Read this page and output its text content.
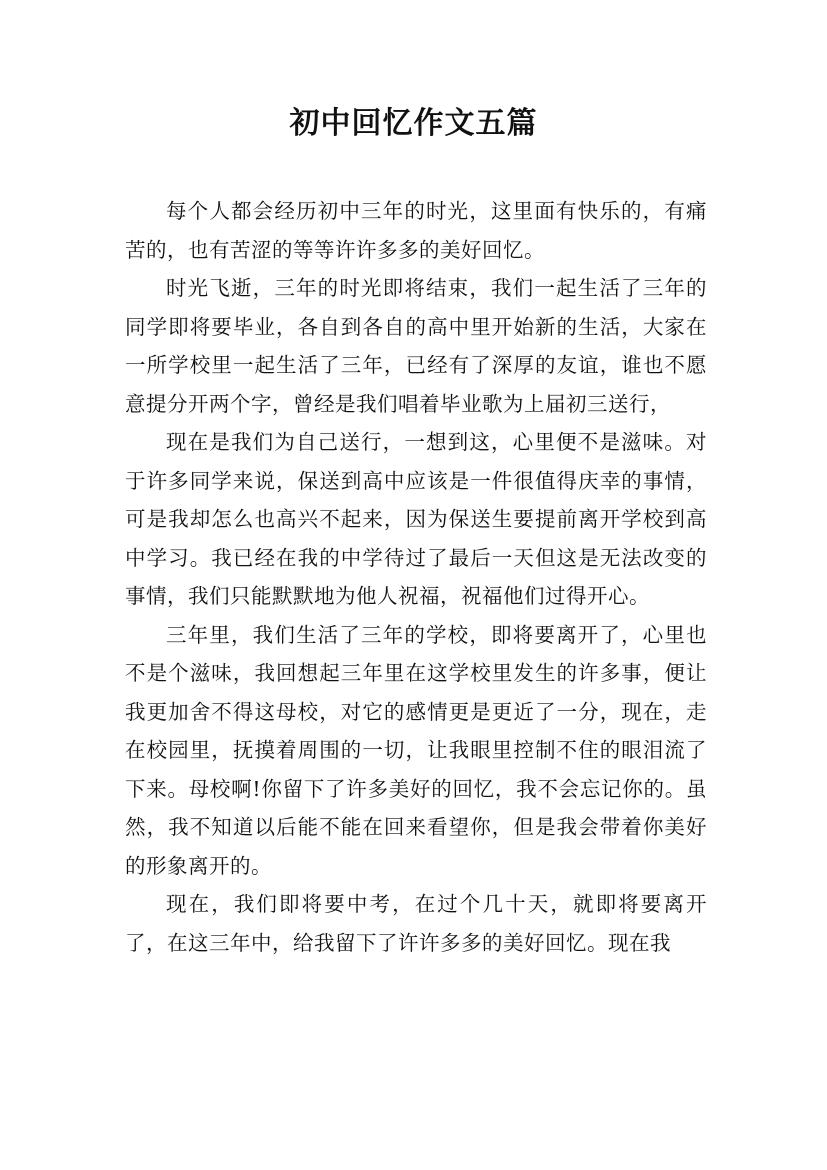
初中回忆作文五篇

每个人都会经历初中三年的时光，这里面有快乐的，有痛苦的，也有苦涩的等等许许多多的美好回忆。

时光飞逝，三年的时光即将结束，我们一起生活了三年的同学即将要毕业，各自到各自的高中里开始新的生活，大家在一所学校里一起生活了三年，已经有了深厚的友谊，谁也不愿意提分开两个字，曾经是我们唱着毕业歌为上届初三送行，

现在是我们为自己送行，一想到这，心里便不是滋味。对于许多同学来说，保送到高中应该是一件很值得庆幸的事情，可是我却怎么也高兴不起来，因为保送生要提前离开学校到高中学习。我已经在我的中学待过了最后一天但这是无法改变的事情，我们只能默默地为他人祝福，祝福他们过得开心。

三年里，我们生活了三年的学校，即将要离开了，心里也不是个滋味，我回想起三年里在这学校里发生的许多事，便让我更加舍不得这母校，对它的感情更是更近了一分，现在，走在校园里，抚摸着周围的一切，让我眼里控制不住的眼泪流了下来。母校啊!你留下了许多美好的回忆，我不会忘记你的。虽然，我不知道以后能不能在回来看望你，但是我会带着你美好的形象离开的。

现在，我们即将要中考，在过个几十天，就即将要离开了，在这三年中，给我留下了许许多多的美好回忆。现在我
